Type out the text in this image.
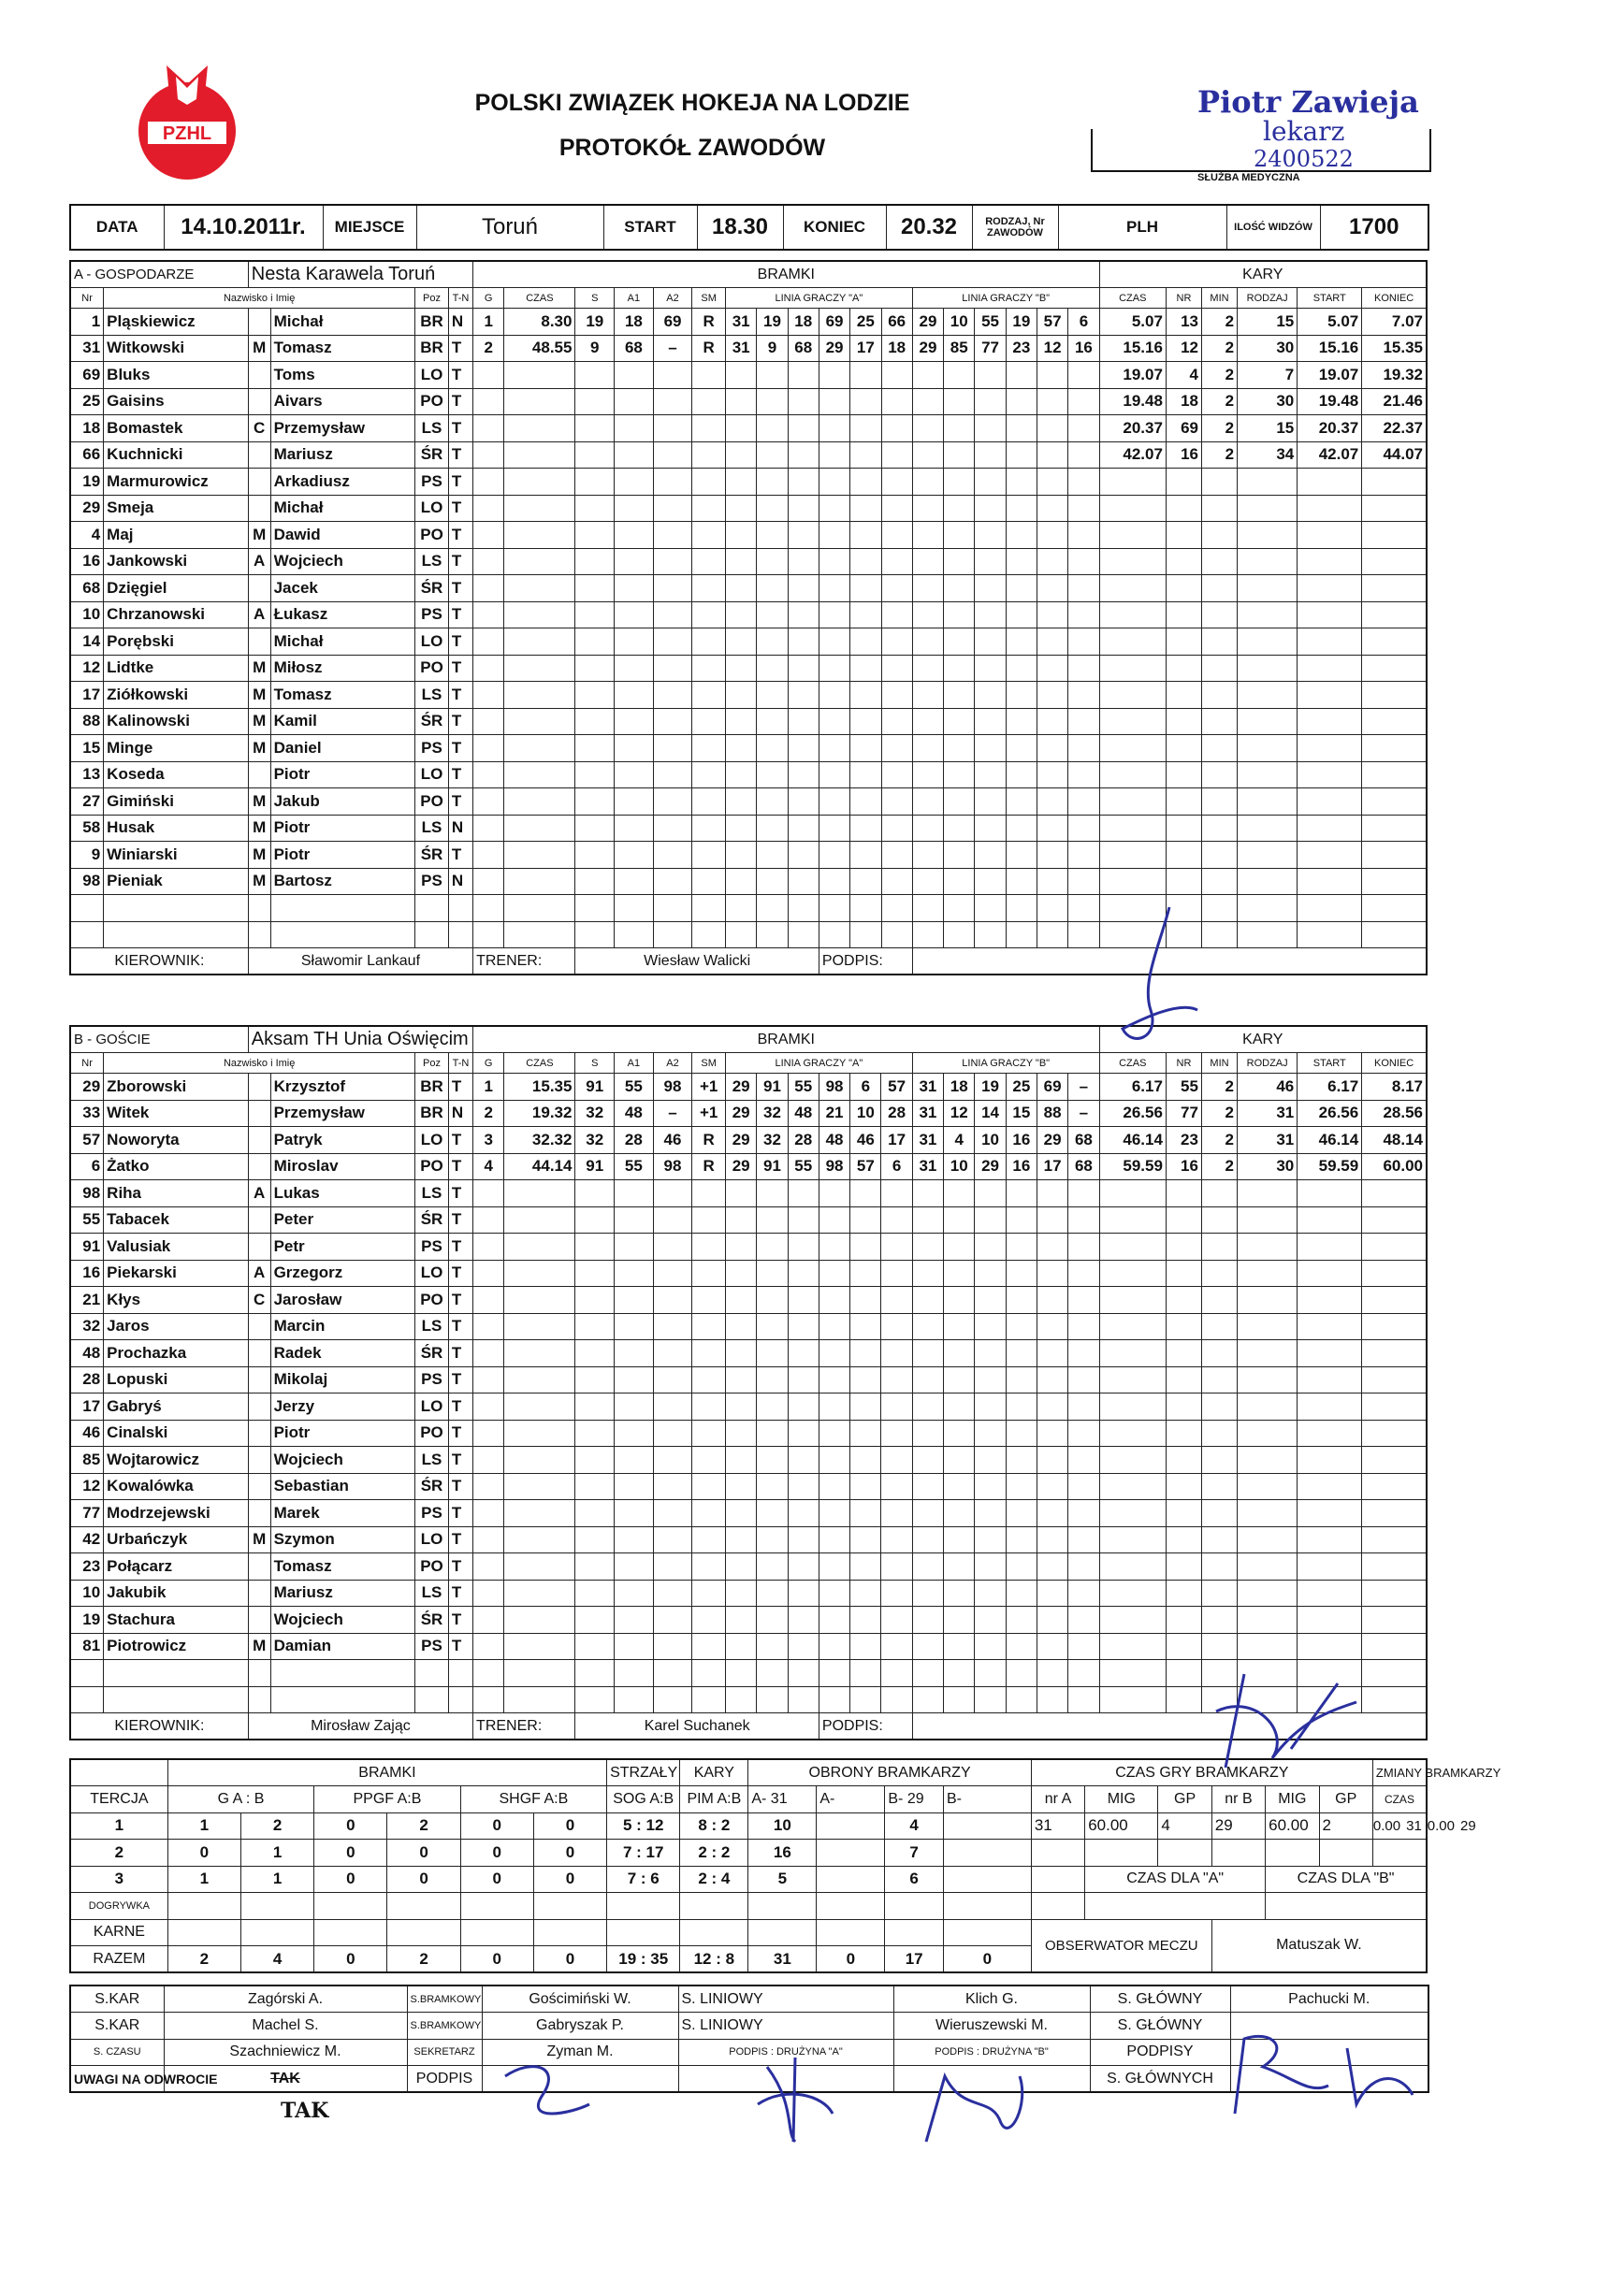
PZHL
POLSKI ZWIĄZEK HOKEJA NA LODZIE
PROTOKÓŁ ZAWODÓW
Piotr Zawieja
lekarz
2400522
SŁUŻBA MEDYCZNA
DATA	14.10.2011r.	MIEJSCE	Toruń	START	18.30	KONIEC	20.32	RODZAJ, Nr ZAWODÓW	PLH	ILOŚĆ WIDZÓW	1700
A - GOSPODARZE		Nesta Karawela Toruń				BRAMKI																		KARY					
Nr	Nazwisko i Imię			Poz	T-N	G	CZAS	S	A1	A2	SM	LINIA GRACZY "A"						LINIA GRACZY "B"						CZAS	NR	MIN	RODZAJ	START	KONIEC
1	Pląskiewicz		Michał	BR	N	1	8.30	19	18	69	R	31	19	18	69	25	66	29	10	55	19	57	6	5.07	13	2	15	5.07	7.07
31	Witkowski	M	Tomasz	BR	T	2	48.55	9	68	–	R	31	9	68	29	17	18	29	85	77	23	12	16	15.16	12	2	30	15.16	15.35
69	Bluks		Toms	LO	T																			19.07	4	2	7	19.07	19.32
25	Gaisins		Aivars	PO	T																			19.48	18	2	30	19.48	21.46
18	Bomastek	C	Przemysław	LS	T																			20.37	69	2	15	20.37	22.37
66	Kuchnicki		Mariusz	ŚR	T																			42.07	16	2	34	42.07	44.07
19	Marmurowicz		Arkadiusz	PS	T																								
29	Smeja		Michał	LO	T																								
4	Maj	M	Dawid	PO	T																								
16	Jankowski	A	Wojciech	LS	T																								
68	Dzięgiel		Jacek	ŚR	T																								
10	Chrzanowski	A	Łukasz	PS	T																								
14	Porębski		Michał	LO	T																								
12	Lidtke	M	Miłosz	PO	T																								
17	Ziółkowski	M	Tomasz	LS	T																								
88	Kalinowski	M	Kamil	ŚR	T																								
15	Minge	M	Daniel	PS	T																								
13	Koseda		Piotr	LO	T																								
27	Gimiński	M	Jakub	PO	T																								
58	Husak	M	Piotr	LS	N																								
9	Winiarski	M	Piotr	ŚR	T																								
98	Pieniak	M	Bartosz	PS	N																								

KIEROWNIK:		Sławomir Lankauf				TRENER:		Wiesław Walicki							PODPIS:														
B - GOŚCIE		Aksam TH Unia Oświęcim				BRAMKI																		KARY					
Nr	Nazwisko i Imię			Poz	T-N	G	CZAS	S	A1	A2	SM	LINIA GRACZY "A"						LINIA GRACZY "B"						CZAS	NR	MIN	RODZAJ	START	KONIEC
29	Zborowski		Krzysztof	BR	T	1	15.35	91	55	98	+1	29	91	55	98	6	57	31	18	19	25	69	–	6.17	55	2	46	6.17	8.17
33	Witek		Przemysław	BR	N	2	19.32	32	48	–	+1	29	32	48	21	10	28	31	12	14	15	88	–	26.56	77	2	31	26.56	28.56
57	Noworyta		Patryk	LO	T	3	32.32	32	28	46	R	29	32	28	48	46	17	31	4	10	16	29	68	46.14	23	2	31	46.14	48.14
6	Żatko		Miroslav	PO	T	4	44.14	91	55	98	R	29	91	55	98	57	6	31	10	29	16	17	68	59.59	16	2	30	59.59	60.00
98	Riha	A	Lukas	LS	T																								
55	Tabacek		Peter	ŚR	T																								
91	Valusiak		Petr	PS	T																								
16	Piekarski	A	Grzegorz	LO	T																								
21	Kłys	C	Jarosław	PO	T																								
32	Jaros		Marcin	LS	T																								
48	Prochazka		Radek	ŚR	T																								
28	Lopuski		Mikolaj	PS	T																								
17	Gabryś		Jerzy	LO	T																								
46	Cinalski		Piotr	PO	T																								
85	Wojtarowicz		Wojciech	LS	T																								
12	Kowalówka		Sebastian	ŚR	T																								
77	Modrzejewski		Marek	PS	T																								
42	Urbańczyk	M	Szymon	LO	T																								
23	Połącarz		Tomasz	PO	T																								
10	Jakubik		Mariusz	LS	T																								
19	Stachura		Wojciech	ŚR	T																								
81	Piotrowicz	M	Damian	PS	T																								

KIEROWNIK:		Mirosław Zając				TRENER:		Karel Suchanek							PODPIS:														
	BRAMKI						STRZAŁY	KARY	OBRONY BRAMKARZY				CZAS GRY BRAMKARZY						ZMIANY BRAMKARZY
TERCJA	G A : B		PPGF A:B		SHGF A:B		SOG A:B	PIM A:B	A- 31	A-	B- 29	B-	nr A	MIG	GP	nr B	MIG	GP	CZAS
1	1	2	0	2	0	0	5 : 12	8 : 2	10		4		31	60.00	4	29	60.00	2	0.00 31 0.00 29
2	0	1	0	0	0	0	7 : 17	2 : 2	16		7								
3	1	1	0	0	0	0	7 : 6	2 : 4	5		6			CZAS DLA "A"			CZAS DLA "B"		
DOGRYWKA																			
KARNE													OBSERWATOR MECZU			Matuszak W.			
RAZEM	2	4	0	2	0	0	19 : 35	12 : 8	31	0	17	0							
S.KAR	Zagórski A.	S.BRAMKOWY	Gościmiński W.	S. LINIOWY	Klich G.	S. GŁÓWNY	Pachucki M.
S.KAR	Machel S.	S.BRAMKOWY	Gabryszak P.	S. LINIOWY	Wieruszewski M.	S. GŁÓWNY	
S. CZASU	Szachniewicz M.	SEKRETARZ	Zyman M.	PODPIS : DRUŻYNA "A"	PODPIS : DRUŻYNA "B"	PODPISY	
UWAGI NA ODWROCIE	TAK	PODPIS				S. GŁÓWNYCH	
TAK
